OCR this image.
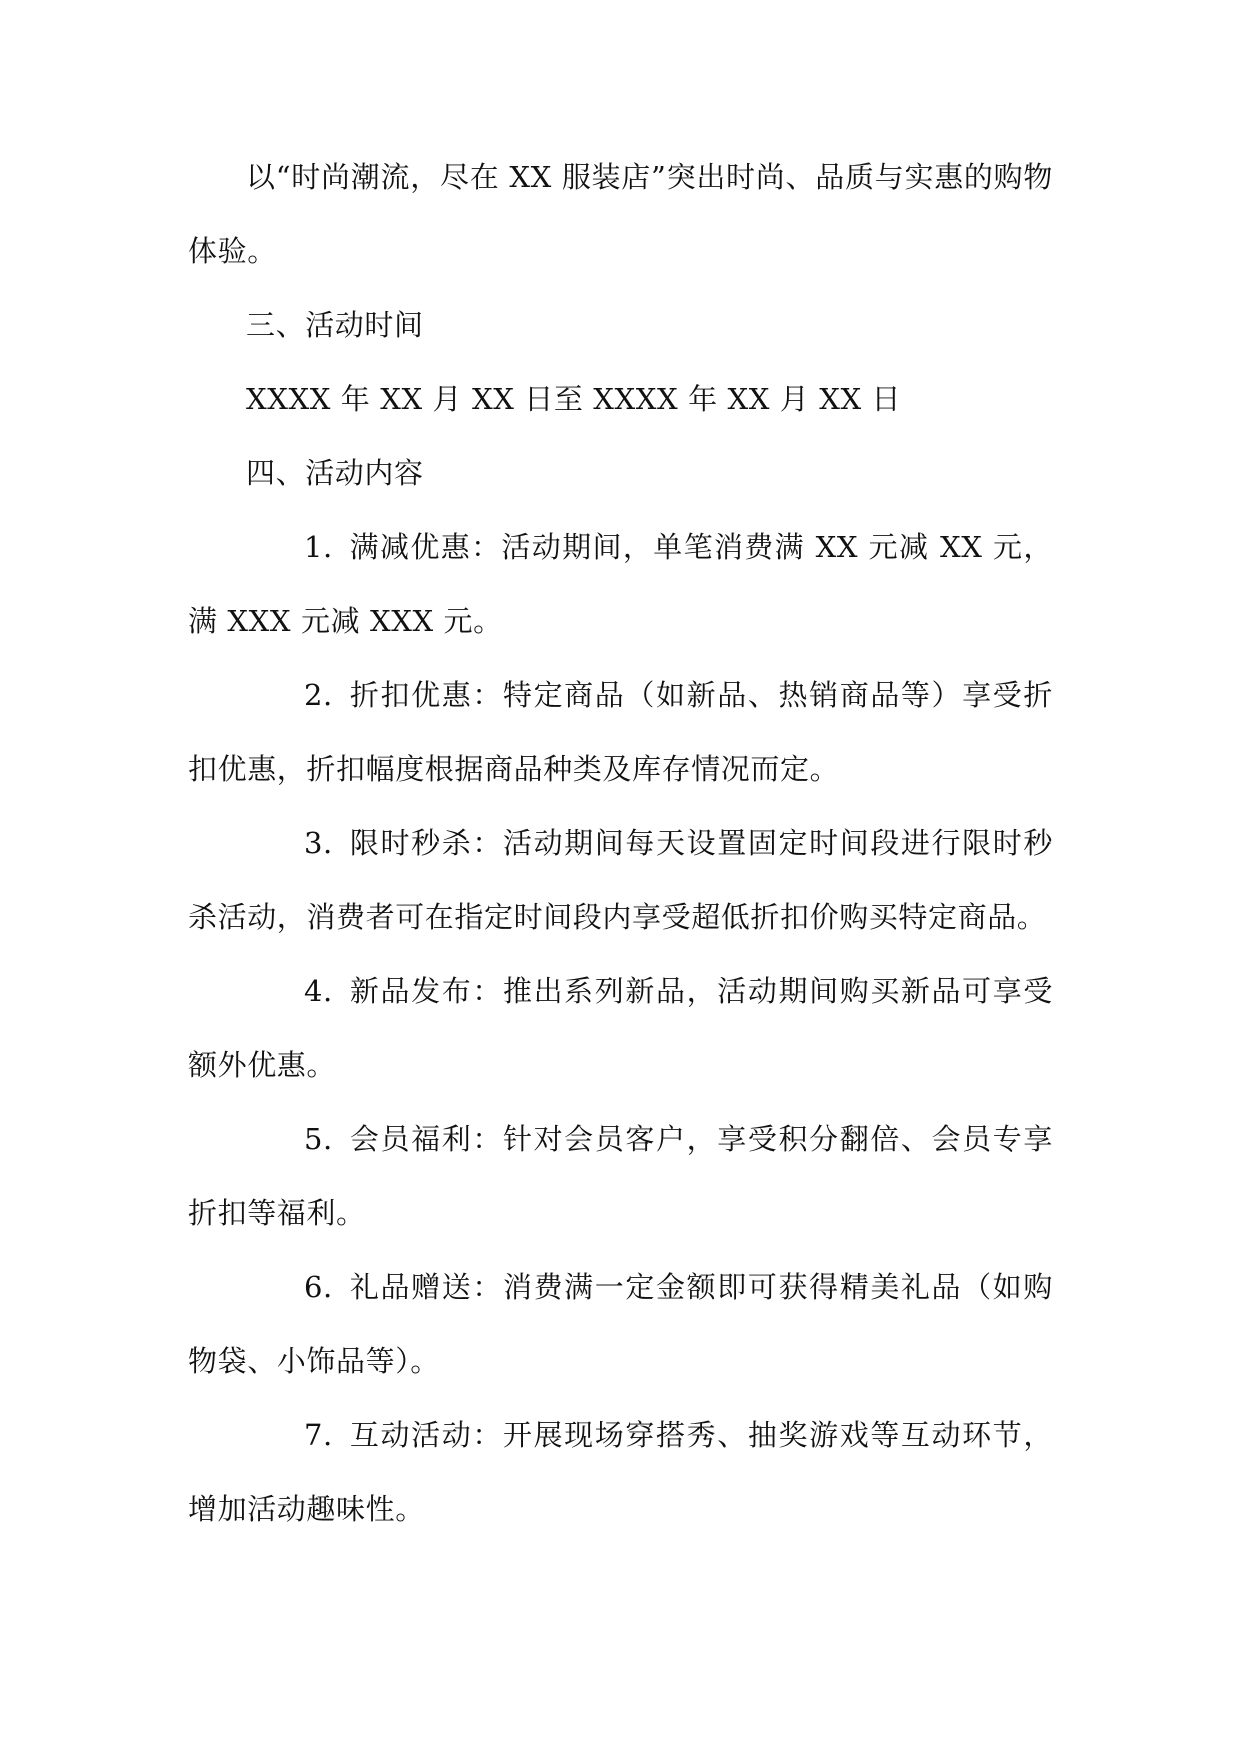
以“时尚潮流，尽在 XX 服装店”突出时尚、品质与实惠的购物体验。

三、活动时间

XXXX 年 XX 月 XX 日至 XXXX 年 XX 月 XX 日

四、活动内容

1. 满减优惠：活动期间，单笔消费满 XX 元减 XX 元，满 XXX 元减 XXX 元。

2. 折扣优惠：特定商品（如新品、热销商品等）享受折扣优惠，折扣幅度根据商品种类及库存情况而定。

3. 限时秒杀：活动期间每天设置固定时间段进行限时秒杀活动，消费者可在指定时间段内享受超低折扣价购买特定商品。

4. 新品发布：推出系列新品，活动期间购买新品可享受额外优惠。

5. 会员福利：针对会员客户，享受积分翻倍、会员专享折扣等福利。

6. 礼品赠送：消费满一定金额即可获得精美礼品（如购物袋、小饰品等）。

7. 互动活动：开展现场穿搭秀、抽奖游戏等互动环节，增加活动趣味性。
